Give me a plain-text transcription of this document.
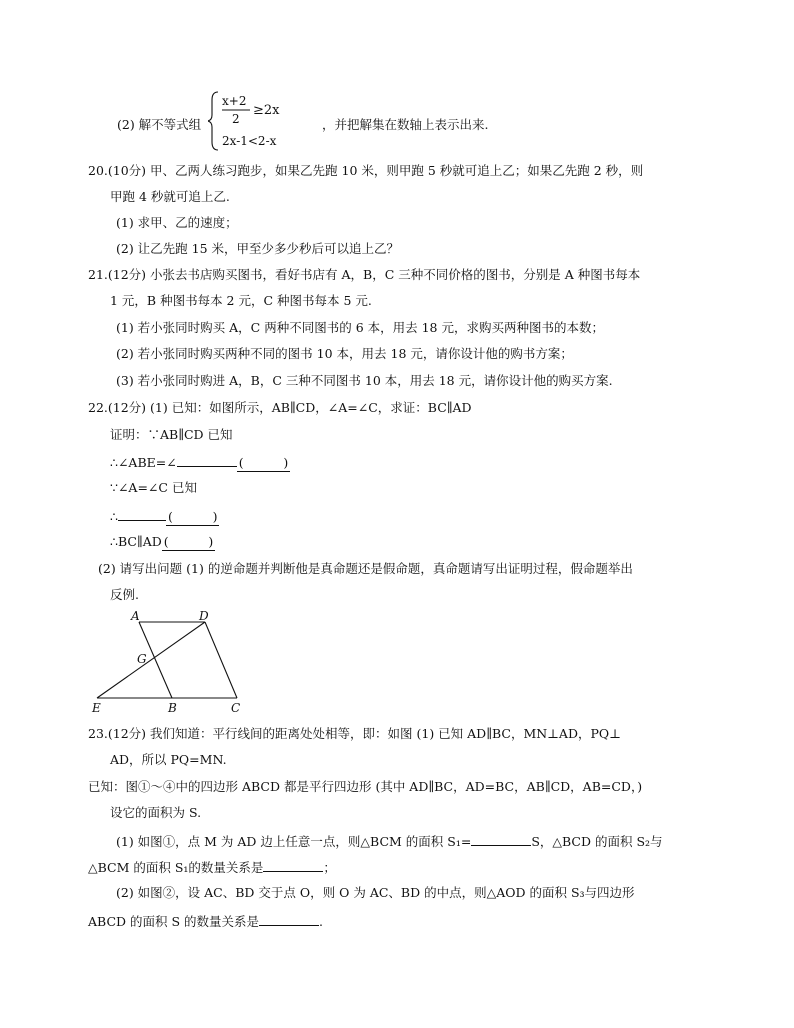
(2) 解不等式组
x+2
2
≥2x
2x-1<2-x
，并把解集在数轴上表示出来.
20.(10分) 甲、乙两人练习跑步，如果乙先跑 10 米，则甲跑 5 秒就可追上乙；如果乙先跑 2 秒，则
甲跑 4 秒就可追上乙.
(1) 求甲、乙的速度；
(2) 让乙先跑 15 米，甲至少多少秒后可以追上乙？
21.(12分) 小张去书店购买图书，看好书店有 A，B，C 三种不同价格的图书，分别是 A 种图书每本
1 元，B 种图书每本 2 元，C 种图书每本 5 元.
(1) 若小张同时购买 A，C 两种不同图书的 6 本，用去 18 元，求购买两种图书的本数；
(2) 若小张同时购买两种不同的图书 10 本，用去 18 元，请你设计他的购书方案；
(3) 若小张同时购进 A，B，C 三种不同图书 10 本，用去 18 元，请你设计他的购买方案.
22.(12分) (1) 已知：如图所示，AB∥CD，∠A=∠C，求证：BC∥AD
证明：∵AB∥CD 已知
∴∠ABE=∠	(          )
∵∠A=∠C 已知
∴	(          )
∴BC∥AD (          )
(2) 请写出问题 (1) 的逆命题并判断他是真命题还是假命题，真命题请写出证明过程，假命题举出
反例.
A	D
G
E	B	C
23.(12分) 我们知道：平行线间的距离处处相等，即：如图 (1) 已知 AD∥BC，MN⊥AD，PQ⊥
AD，所以 PQ=MN.
已知：图①～④中的四边形 ABCD 都是平行四边形 (其中 AD∥BC，AD=BC，AB∥CD，AB=CD，)
设它的面积为 S.
(1) 如图①，点 M 为 AD 边上任意一点，则△BCM 的面积 S₁=	S，△BCD 的面积 S₂与
△BCM 的面积 S₁的数量关系是	；
(2) 如图②，设 AC、BD 交于点 O，则 O 为 AC、BD 的中点，则△AOD 的面积 S₃与四边形
ABCD 的面积 S 的数量关系是	.
